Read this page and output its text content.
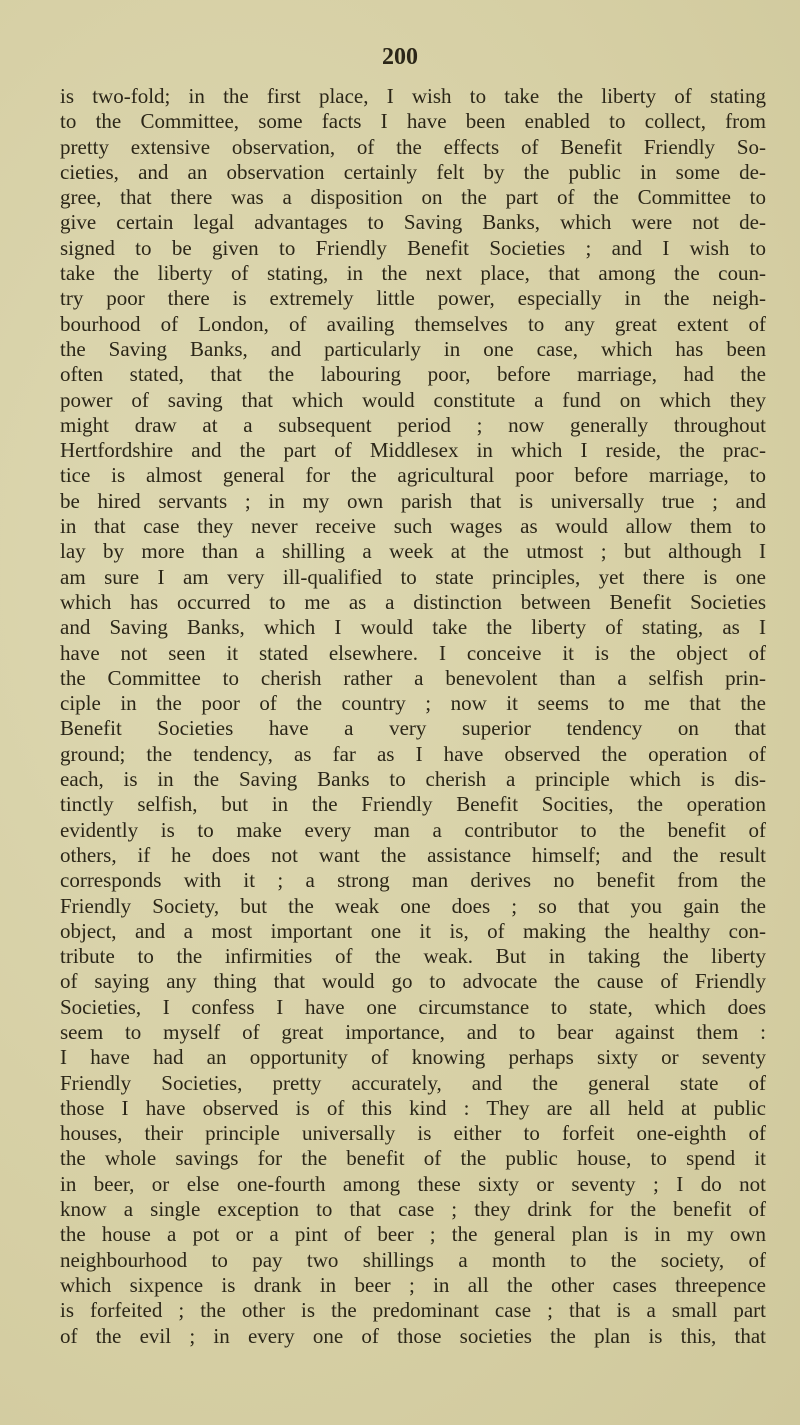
200
is two-fold; in the first place, I wish to take the liberty of stating
to the Committee, some facts I have been enabled to collect, from
pretty extensive observation, of the effects of Benefit Friendly So-
cieties, and an observation certainly felt by the public in some de-
gree, that there was a disposition on the part of the Committee to
give certain legal advantages to Saving Banks, which were not de-
signed to be given to Friendly Benefit Societies ; and I wish to
take the liberty of stating, in the next place, that among the coun-
try poor there is extremely little power, especially in the neigh-
bourhood of London, of availing themselves to any great extent of
the Saving Banks, and particularly in one case, which has been
often stated, that the labouring poor, before marriage, had the
power of saving that which would constitute a fund on which they
might draw at a subsequent period ; now generally throughout
Hertfordshire and the part of Middlesex in which I reside, the prac-
tice is almost general for the agricultural poor before marriage, to
be hired servants ; in my own parish that is universally true ; and
in that case they never receive such wages as would allow them to
lay by more than a shilling a week at the utmost ; but although I
am sure I am very ill-qualified to state principles, yet there is one
which has occurred to me as a distinction between Benefit Societies
and Saving Banks, which I would take the liberty of stating, as I
have not seen it stated elsewhere. I conceive it is the object of
the Committee to cherish rather a benevolent than a selfish prin-
ciple in the poor of the country ; now it seems to me that the
Benefit Societies have a very superior tendency on that
ground; the tendency, as far as I have observed the operation of
each, is in the Saving Banks to cherish a principle which is dis-
tinctly selfish, but in the Friendly Benefit Socities, the operation
evidently is to make every man a contributor to the benefit of
others, if he does not want the assistance himself; and the result
corresponds with it ; a strong man derives no benefit from the
Friendly Society, but the weak one does ; so that you gain the
object, and a most important one it is, of making the healthy con-
tribute to the infirmities of the weak. But in taking the liberty
of saying any thing that would go to advocate the cause of Friendly
Societies, I confess I have one circumstance to state, which does
seem to myself of great importance, and to bear against them :
I have had an opportunity of knowing perhaps sixty or seventy
Friendly Societies, pretty accurately, and the general state of
those I have observed is of this kind : They are all held at public
houses, their principle universally is either to forfeit one-eighth of
the whole savings for the benefit of the public house, to spend it
in beer, or else one-fourth among these sixty or seventy ; I do not
know a single exception to that case ; they drink for the benefit of
the house a pot or a pint of beer ; the general plan is in my own
neighbourhood to pay two shillings a month to the society, of
which sixpence is drank in beer ; in all the other cases threepence
is forfeited ; the other is the predominant case ; that is a small part
of the evil ; in every one of those societies the plan is this, that
